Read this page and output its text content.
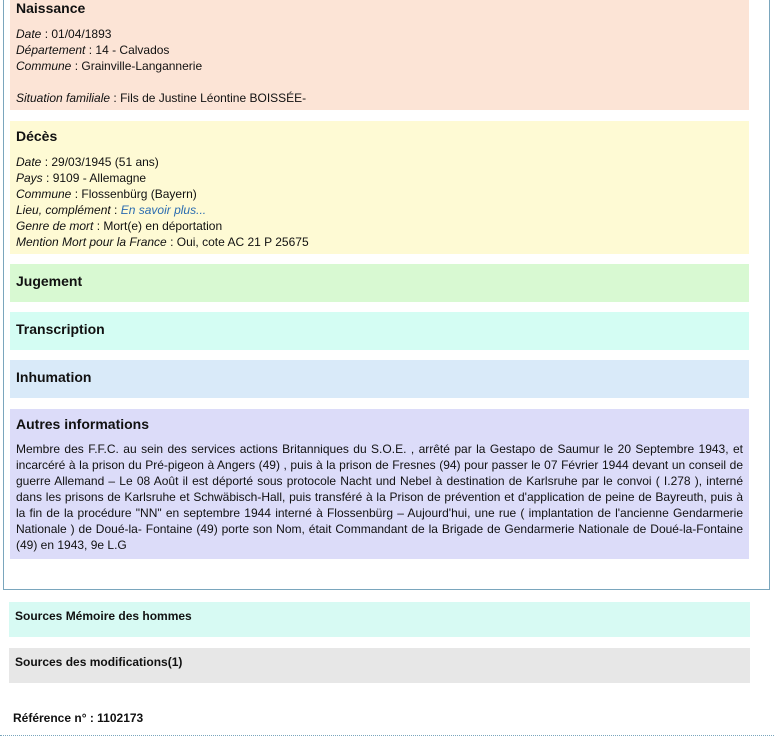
Naissance
Date : 01/04/1893
Département : 14 - Calvados
Commune : Grainville-Langannerie
Situation familiale : Fils de Justine Léontine BOISSÉE-
Décès
Date : 29/03/1945 (51 ans)
Pays : 9109 - Allemagne
Commune : Flossenbürg (Bayern)
Lieu, complément : En savoir plus...
Genre de mort : Mort(e) en déportation
Mention Mort pour la France : Oui, cote AC 21 P 25675
Jugement
Transcription
Inhumation
Autres informations
Membre des F.F.C. au sein des services actions Britanniques du S.O.E. , arrêté par la Gestapo de Saumur le 20 Septembre 1943, et incarcéré à la prison du Pré-pigeon à Angers (49) , puis à la prison de Fresnes (94) pour passer le 07 Février 1944 devant un conseil de guerre Allemand – Le 08 Août il est déporté sous protocole Nacht und Nebel à destination de Karlsruhe par le convoi ( I.278 ), interné dans les prisons de Karlsruhe et Schwäbisch-Hall, puis transféré à la Prison de prévention et d'application de peine de Bayreuth, puis à la fin de la procédure "NN" en septembre 1944 interné à Flossenbürg – Aujourd'hui, une rue ( implantation de l'ancienne Gendarmerie Nationale ) de Doué-la- Fontaine (49) porte son Nom, était Commandant de la Brigade de Gendarmerie Nationale de Doué-la-Fontaine (49) en 1943, 9e L.G
Sources Mémoire des hommes
Sources des modifications(1)
Référence n° : 1102173
